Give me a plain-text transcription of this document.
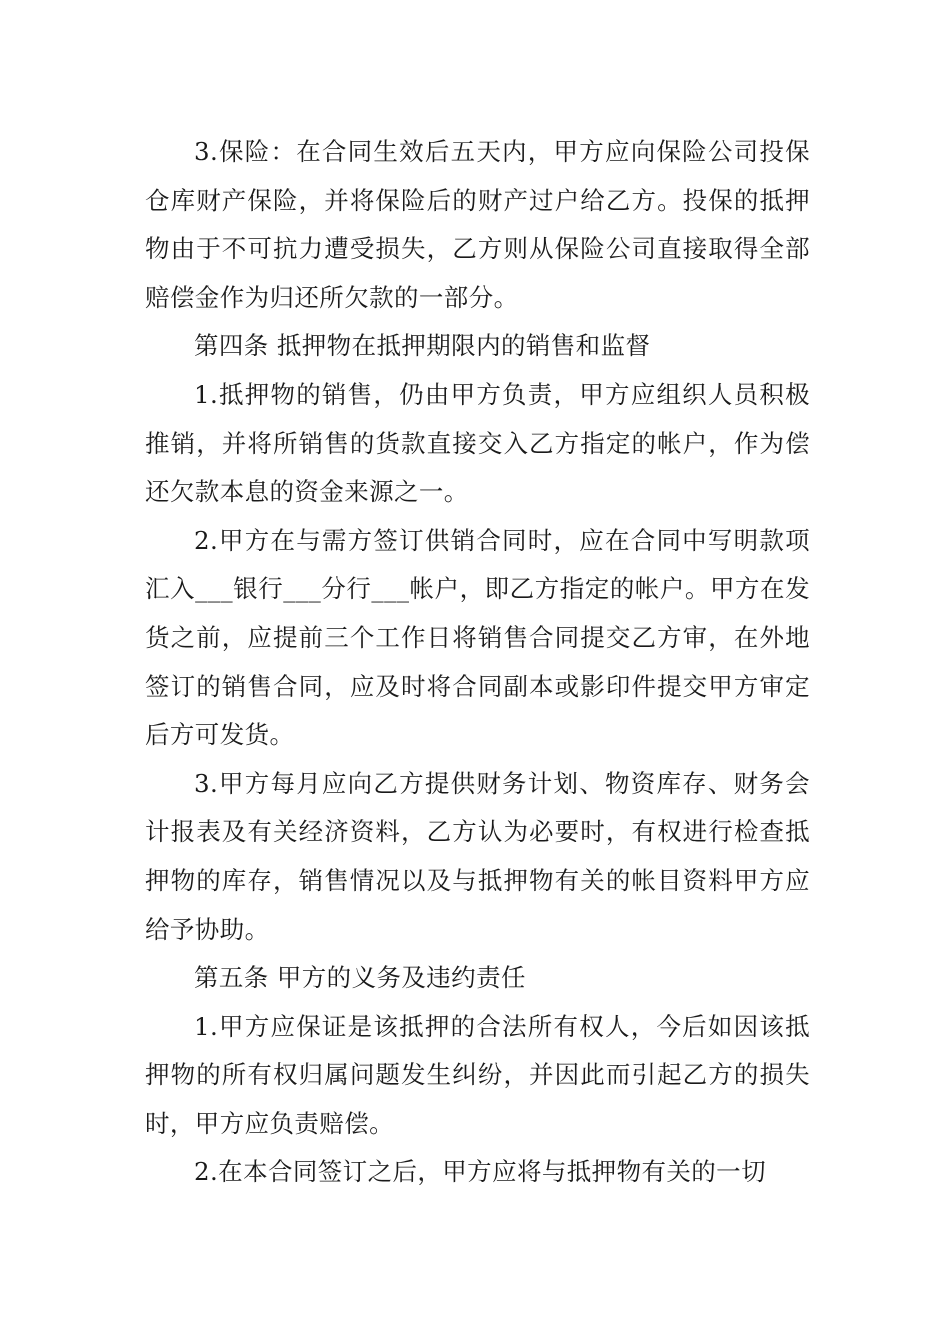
3.保险：在合同生效后五天内，甲方应向保险公司投保仓库财产保险，并将保险后的财产过户给乙方。投保的抵押物由于不可抗力遭受损失，乙方则从保险公司直接取得全部赔偿金作为归还所欠款的一部分。

第四条 抵押物在抵押期限内的销售和监督

1.抵押物的销售，仍由甲方负责，甲方应组织人员积极推销，并将所销售的货款直接交入乙方指定的帐户，作为偿还欠款本息的资金来源之一。

2.甲方在与需方签订供销合同时，应在合同中写明款项汇入___银行___分行___帐户，即乙方指定的帐户。甲方在发货之前，应提前三个工作日将销售合同提交乙方审，在外地签订的销售合同，应及时将合同副本或影印件提交甲方审定后方可发货。

3.甲方每月应向乙方提供财务计划、物资库存、财务会计报表及有关经济资料，乙方认为必要时，有权进行检查抵押物的库存，销售情况以及与抵押物有关的帐目资料甲方应给予协助。

第五条 甲方的义务及违约责任

1.甲方应保证是该抵押的合法所有权人，今后如因该抵押物的所有权归属问题发生纠纷，并因此而引起乙方的损失时，甲方应负责赔偿。

2.在本合同签订之后，甲方应将与抵押物有关的一切
